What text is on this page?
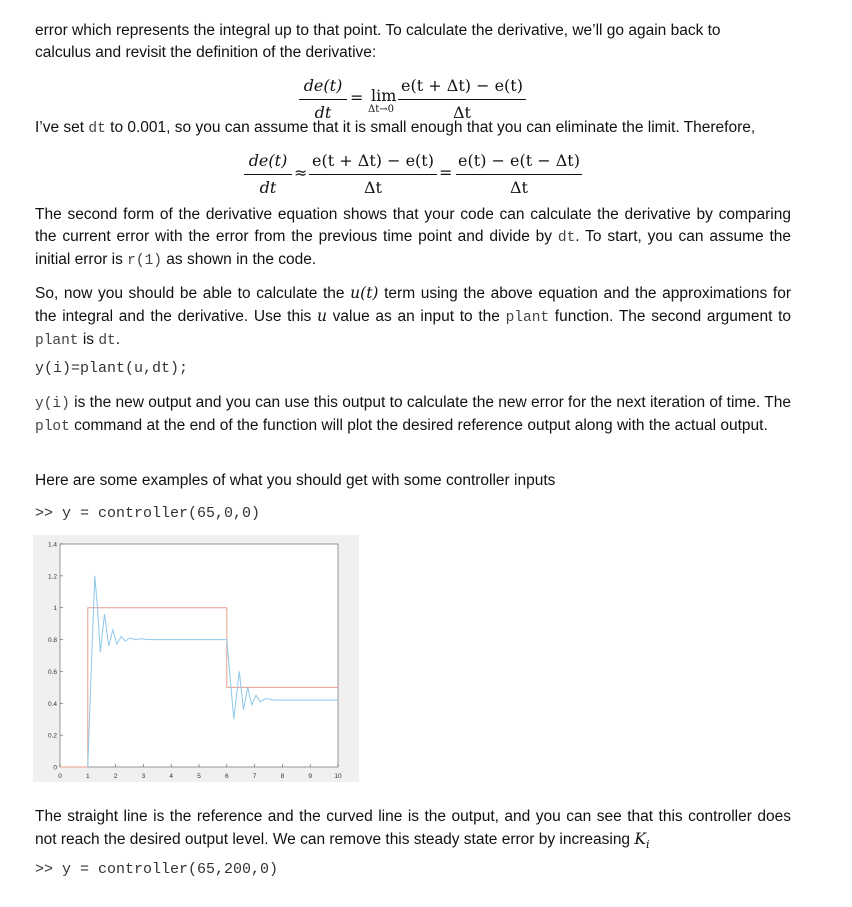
error which represents the integral up to that point. To calculate the derivative, we’ll go again back to
calculus and revisit the definition of the derivative:

$\frac{de(t)}{dt} = \lim$
$\Delta t\to 0 \frac{e(t + \Delta t) - e(t)}{\Delta t}$

I’ve set dt to 0.001, so you can assume that it is small enough that you can eliminate the limit. Therefore,

$\frac{de(t)}{dt} \approx \frac{e(t + \Delta t) - e(t)}{\Delta t} = \frac{e(t) - e(t - \Delta t)}{\Delta t}$

The second form of the derivative equation shows that your code can calculate the derivative by comparing the current error with the error from the previous time point and divide by dt. To start, you can assume the initial error is r(1) as shown in the code.

So, now you should be able to calculate the u(t) term using the above equation and the approximations for the integral and the derivative. Use this u value as an input to the plant function. The second argument to plant is dt.

y(i)=plant(u,dt);

y(i) is the new output and you can use this output to calculate the new error for the next iteration of time. The plot command at the end of the function will plot the desired reference output along with the actual output.

Here are some examples of what you should get with some controller inputs

>> y = controller(65,0,0)
0	1	2	3	4	5	6	7	8	9	10
0
0.2
0.4
0.6
0.8
1
1.2
1.4

The straight line is the reference and the curved line is the output, and you can see that this controller does not reach the desired output level. We can remove this steady state error by increasing $K_i$

>> y = controller(65,200,0)
